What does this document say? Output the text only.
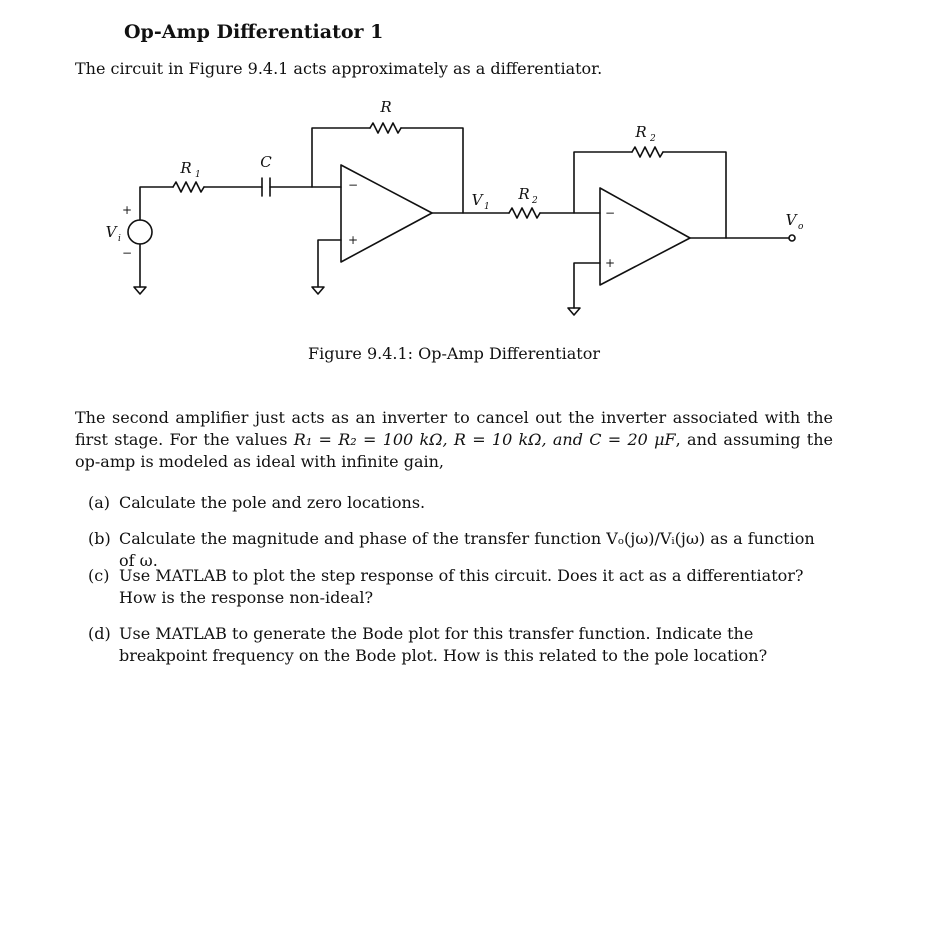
Op-Amp Differentiator 1

The circuit in Figure 9.4.1 acts approximately as a differentiator.

R
R 2
R 1
C
V 1
R 2
V i
V o
+
−
−
+
−
+

Figure 9.4.1: Op-Amp Differentiator

The second amplifier just acts as an inverter to cancel out the inverter associated with the first stage. For the values R₁ = R₂ = 100 kΩ, R = 10 kΩ, and C = 20 μF, and assuming the op-amp is modeled as ideal with infinite gain,

(a) Calculate the pole and zero locations.
(b) Calculate the magnitude and phase of the transfer function Vₒ(jω)/Vᵢ(jω) as a function of ω.
(c) Use MATLAB to plot the step response of this circuit. Does it act as a differentiator? How is the response non-ideal?
(d) Use MATLAB to generate the Bode plot for this transfer function. Indicate the breakpoint frequency on the Bode plot. How is this related to the pole location?
